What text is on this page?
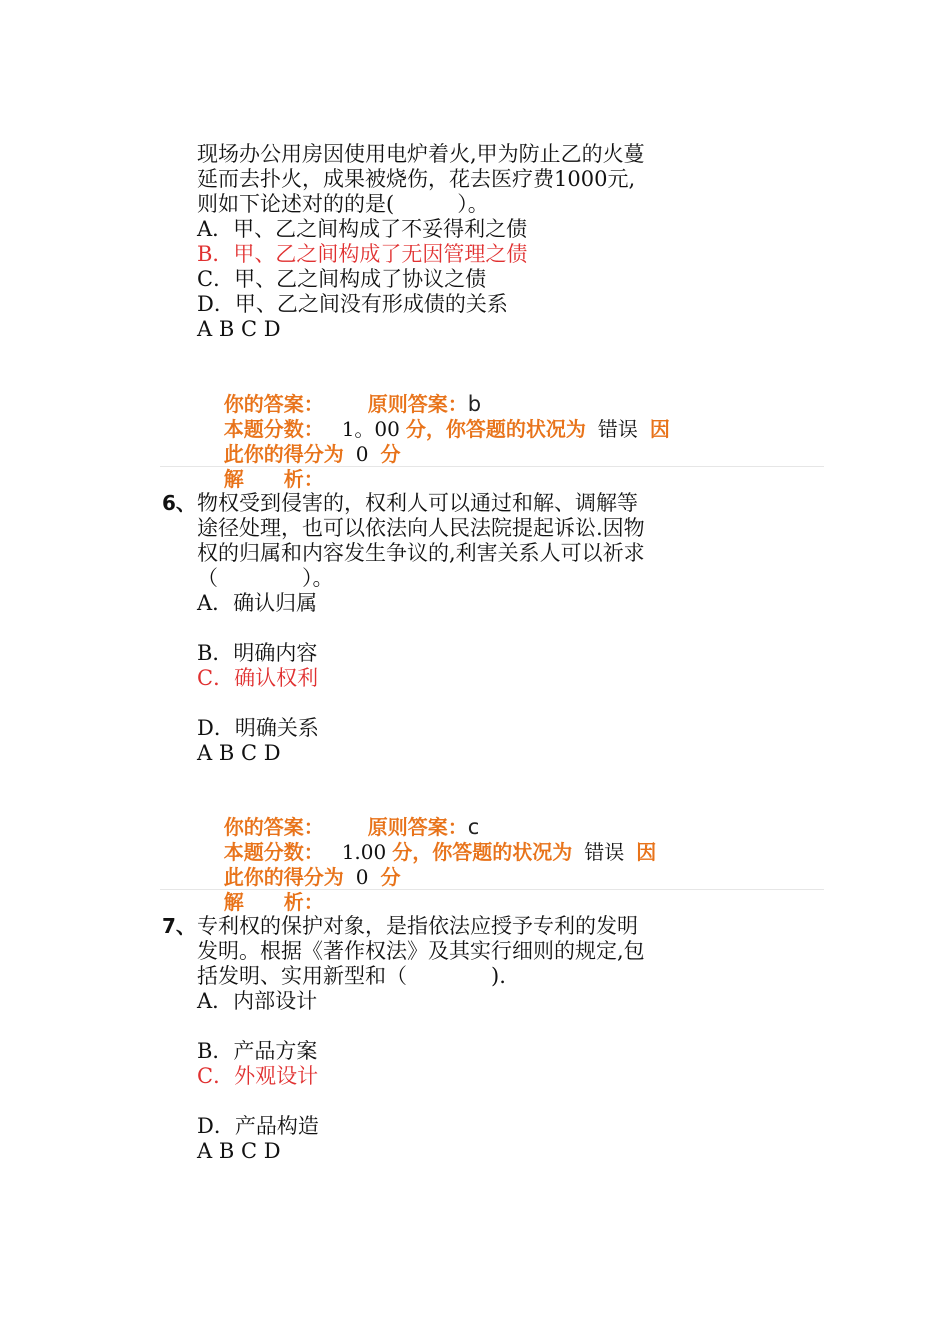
现场办公用房因使用电炉着火,甲为防止乙的火蔓
延而去扑火，成果被烧伤，花去医疗费1000元,
则如下论述对的的是(　　　）。
A．甲、乙之间构成了不妥得利之债
B．甲、乙之间构成了无因管理之债
C．甲、乙之间构成了协议之债
D．甲、乙之间没有形成债的关系
A B C D

你的答案： 原则答案：b

本题分数： 1。00 分，你答题的状况为 错误 因

此你的得分为 0 分

解　　析：

6、 物权受到侵害的，权利人可以通过和解、调解等
途径处理，也可以依法向人民法院提起诉讼.因物
权的归属和内容发生争议的,利害关系人可以祈求
（　　　　）。
A．确认归属
B．明确内容
C．确认权利
D．明确关系
A B C D

你的答案： 原则答案：c

本题分数： 1.00 分，你答题的状况为 错误 因

此你的得分为 0 分

解　　析：

7、 专利权的保护对象，是指依法应授予专利的发明
发明。根据《著作权法》及其实行细则的规定,包
括发明、实用新型和（　　　　).
A．内部设计
B．产品方案
C．外观设计
D．产品构造
A B C D
